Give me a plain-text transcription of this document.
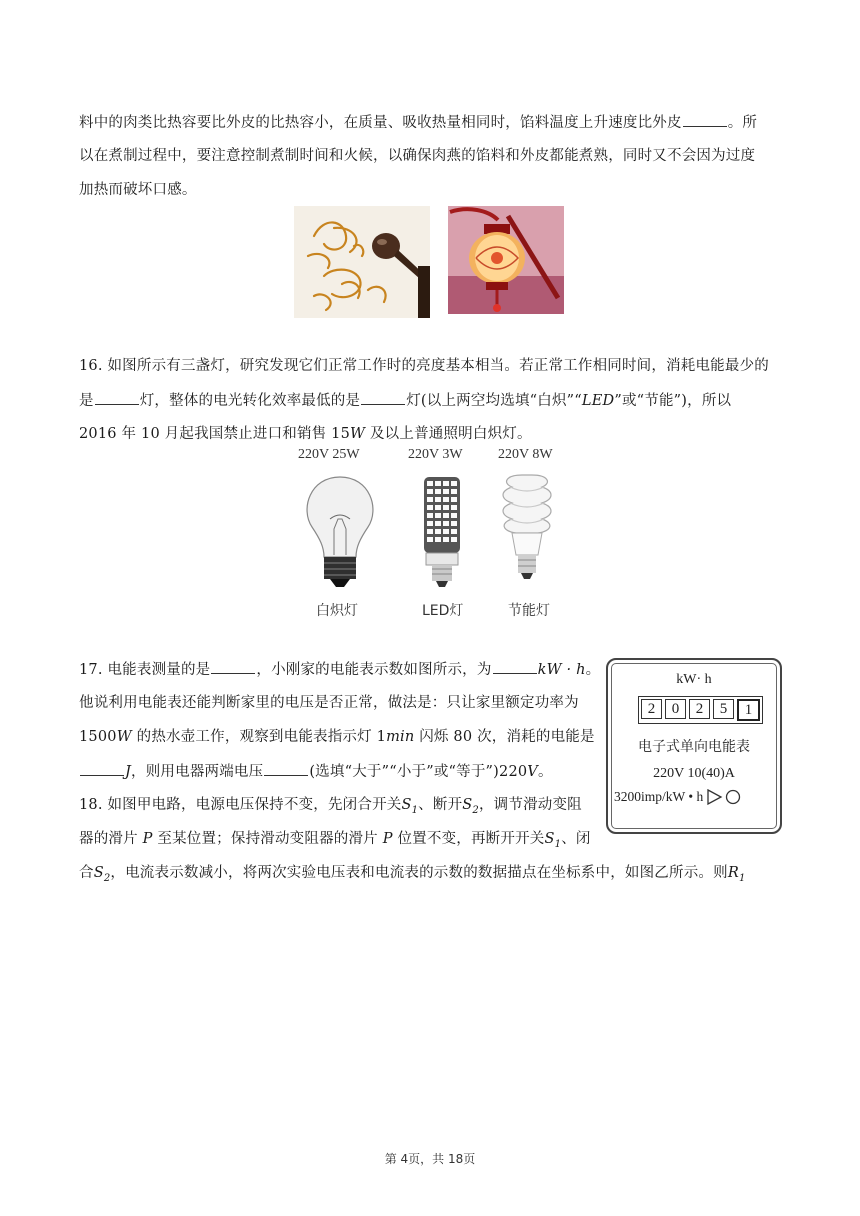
料中的肉类比热容要比外皮的比热容小，在质量、吸收热量相同时，馅料温度上升速度比外皮	。所
以在煮制过程中，要注意控制煮制时间和火候，以确保肉燕的馅料和外皮都能煮熟，同时又不会因为过度
加热而破坏口感。
16. 如图所示有三盏灯，研究发现它们正常工作时的亮度基本相当。若正常工作相同时间，消耗电能最少的
是	灯，整体的电光转化效率最低的是	灯(以上两空均选填“白炽”“LED”或“节能”)，所以
2016 年 10 月起我国禁止进口和销售 15W 及以上普通照明白炽灯。
220V 25W	220V 3W	220V 8W
白炽灯	LED灯	节能灯
17. 电能表测量的是	，小刚家的电能表示数如图所示，为	kW · h。
他说利用电能表还能判断家里的电压是否正常，做法是：只让家里额定功率为
1500W 的热水壶工作，观察到电能表指示灯 1min 闪烁 80 次，消耗的电能是
J，则用电器两端电压	(选填“大于”“小于”或“等于”)220V。
kW· h
2	0	2	5	1
电子式单向电能表
220V 10(40)A
3200imp/kW • h
18. 如图甲电路，电源电压保持不变，先闭合开关$S_1$、断开$S_2$，调节滑动变阻
器的滑片 P 至某位置；保持滑动变阻器的滑片 P 位置不变，再断开开关$S_1$、闭
合$S_2$，电流表示数减小，将两次实验电压表和电流表的示数的数据描点在坐标系中，如图乙所示。则$R_1$
第 4页，共 18页
